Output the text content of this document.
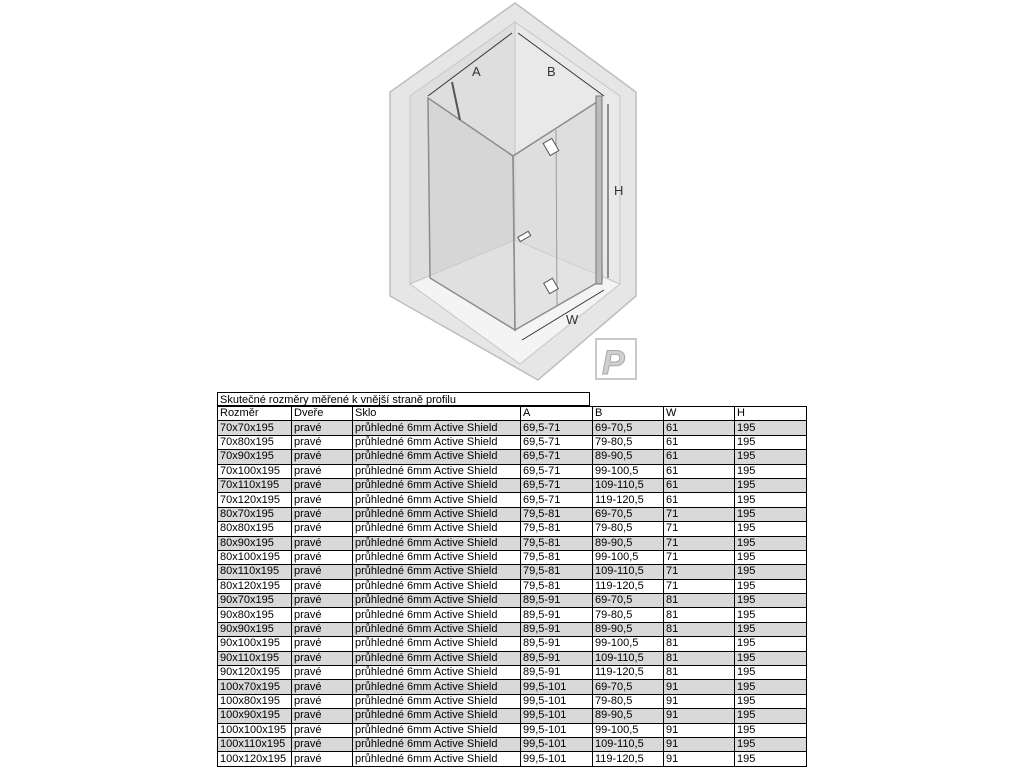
A	B
H
W
P
Skutečné rozměry měřené k vnější straně profilu
Rozměr	Dveře	Sklo	A	B	W	H
70x70x195	pravé	průhledné 6mm Active Shield	69,5-71	69-70,5	61	195
70x80x195	pravé	průhledné 6mm Active Shield	69,5-71	79-80,5	61	195
70x90x195	pravé	průhledné 6mm Active Shield	69,5-71	89-90,5	61	195
70x100x195	pravé	průhledné 6mm Active Shield	69,5-71	99-100,5	61	195
70x110x195	pravé	průhledné 6mm Active Shield	69,5-71	109-110,5	61	195
70x120x195	pravé	průhledné 6mm Active Shield	69,5-71	119-120,5	61	195
80x70x195	pravé	průhledné 6mm Active Shield	79,5-81	69-70,5	71	195
80x80x195	pravé	průhledné 6mm Active Shield	79,5-81	79-80,5	71	195
80x90x195	pravé	průhledné 6mm Active Shield	79,5-81	89-90,5	71	195
80x100x195	pravé	průhledné 6mm Active Shield	79,5-81	99-100,5	71	195
80x110x195	pravé	průhledné 6mm Active Shield	79,5-81	109-110,5	71	195
80x120x195	pravé	průhledné 6mm Active Shield	79,5-81	119-120,5	71	195
90x70x195	pravé	průhledné 6mm Active Shield	89,5-91	69-70,5	81	195
90x80x195	pravé	průhledné 6mm Active Shield	89,5-91	79-80,5	81	195
90x90x195	pravé	průhledné 6mm Active Shield	89,5-91	89-90,5	81	195
90x100x195	pravé	průhledné 6mm Active Shield	89,5-91	99-100,5	81	195
90x110x195	pravé	průhledné 6mm Active Shield	89,5-91	109-110,5	81	195
90x120x195	pravé	průhledné 6mm Active Shield	89,5-91	119-120,5	81	195
100x70x195	pravé	průhledné 6mm Active Shield	99,5-101	69-70,5	91	195
100x80x195	pravé	průhledné 6mm Active Shield	99,5-101	79-80,5	91	195
100x90x195	pravé	průhledné 6mm Active Shield	99,5-101	89-90,5	91	195
100x100x195	pravé	průhledné 6mm Active Shield	99,5-101	99-100,5	91	195
100x110x195	pravé	průhledné 6mm Active Shield	99,5-101	109-110,5	91	195
100x120x195	pravé	průhledné 6mm Active Shield	99,5-101	119-120,5	91	195
